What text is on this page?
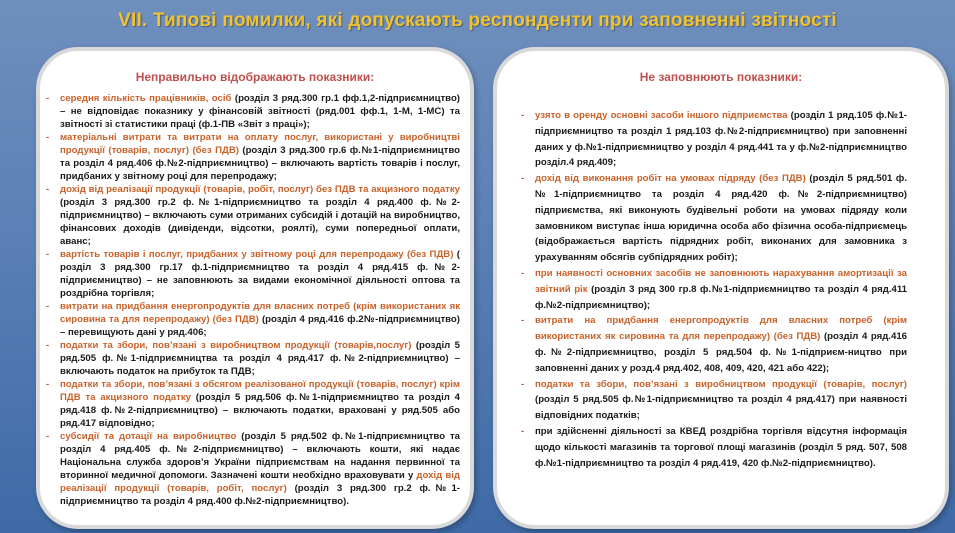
VII. Типові помилки, які допускають респонденти при заповненні звітності
Неправильно відображають показники:
- середня кількість працівників, осіб (розділ 3 ряд.300 гр.1 фф.1,2-підприємництво) – не відповідає показнику у фінансовій звітності (ряд.001 фф.1, 1-М, 1-МС) та звітності зі статистики праці (ф.1-ПВ «Звіт з праці»);
- матеріальні витрати та витрати на оплату послуг, використані у виробництві продукції (товарів, послуг) (без ПДВ) (розділ 3 ряд.300 гр.6 ф.№1-підприємництво та розділ 4 ряд.406 ф.№2-підприємництво) – включають вартість товарів і послуг, придбаних у звітному році для перепродажу;
- дохід від реалізації продукції (товарів, робіт, послуг) без ПДВ та акцизного податку (розділ 3 ряд.300 гр.2 ф.№1-підприємництво та розділ 4 ряд.400 ф.№2-підприємництво) – включають суми отриманих субсидій і дотацій на виробництво, фінансових доходів (дивіденди, відсотки, роялті), суми попередньої оплати, аванс;
- вартість товарів і послуг, придбаних у звітному році для перепродажу (без ПДВ) ( розділ 3 ряд.300 гр.17 ф.1-підприємництво та розділ 4 ряд.415 ф.№2-підприємництво) – не заповнюють за видами економічної діяльності оптова та роздрібна торгівля;
- витрати на придбання енергопродуктів для власних потреб (крім використаних як сировина та для перепродажу) (без ПДВ) (розділ 4 ряд.416 ф.2№-підприємництво) – перевищують дані у ряд.406;
- податки та збори, пов’язані з виробництвом продукції (товарів,послуг) (розділ 5 ряд.505 ф.№1-підприємництва та розділ 4 ряд.417 ф.№2-підприємництво) – включають податок на прибуток та ПДВ;
- податки та збори, пов’язані з обсягом реалізованої продукції (товарів, послуг) крім ПДВ та акцизного податку (розділ 5 ряд.506 ф.№1-підприємництво та розділ 4 ряд.418 ф.№2-підприємництво) – включають податки, враховані у ряд.505 або ряд.417 відповідно;
- субсидії та дотації на виробництво (розділ 5 ряд.502 ф.№1-підприємництво та розділ 4 ряд.405 ф.№2-підприємництво) – включають кошти, які надає Національна служба здоров’я України підприємствам на надання первинної та вторинної медичної допомоги. Зазначені кошти необхідно враховувати у дохід від реалізації продукції (товарів, робіт, послуг) (розділ 3 ряд.300 гр.2 ф.№1-підприємництво та розділ 4 ряд.400 ф.№2-підприємництво).
Не заповнюють показники:
- узято в оренду основні засоби іншого підприємства (розділ 1 ряд.105 ф.№1-підприємництво та розділ 1 ряд.103 ф.№2-підприємництво) при заповненні даних у ф.№1-підприємництво у розділ 4 ряд.441 та у ф.№2-підприємництво розділ.4 ряд.409;
- дохід від виконання робіт на умовах підряду (без ПДВ) (розділ 5 ряд.501 ф.№1-підприємництво та розділ 4 ряд.420 ф.№2-підприємництво) підприємства, які виконують будівельні роботи на умовах підряду коли замовником виступає інша юридична особа або фізична особа-підприємець (відображається вартість підрядних робіт, виконаних для замовника з урахуванням обсягів субпідрядних робіт);
- при наявності основних засобів не заповнюють нарахування амортизації за звітний рік (розділ 3 ряд 300 гр.8 ф.№1-підприємництво та розділ 4 ряд.411 ф.№2-підприємництво);
- витрати на придбання енергопродуктів для власних потреб (крім використаних як сировина та для перепродажу) (без ПДВ) (розділ 4 ряд.416 ф.№2-підприємництво, розділ 5 ряд.504 ф.№1-підприєм-ництво при заповненні даних у розд.4 ряд.402, 408, 409, 420, 421 або 422);
- податки та збори, пов’язані з виробництвом продукції (товарів, послуг) (розділ 5 ряд.505 ф.№1-підприємництво та розділ 4 ряд.417) при наявності відповідних податків;
- при здійсненні діяльності за КВЕД роздрібна торгівля відсутня інформація щодо кількості магазинів та торгової площі магазинів (розділ 5 ряд. 507, 508 ф.№1-підприємництво та розділ 4 ряд.419, 420 ф.№2-підприємництво).
